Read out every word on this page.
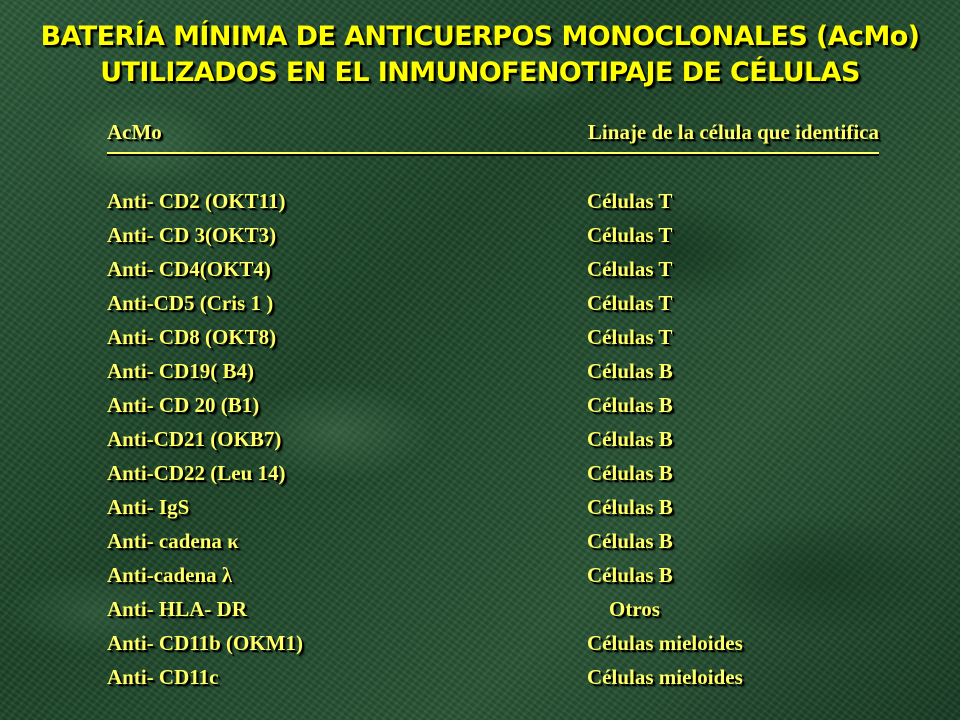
BATERÍA MÍNIMA DE ANTICUERPOS MONOCLONALES (AcMo)
UTILIZADOS EN EL INMUNOFENOTIPAJE DE CÉLULAS
AcMo	Linaje de la célula que identifica
Anti- CD2 (OKT11)	Células T
Anti- CD 3(OKT3)	Células T
Anti- CD4(OKT4)	Células T
Anti-CD5 (Cris 1 )	Células T
Anti- CD8 (OKT8)	Células T
Anti- CD19( B4)	Células B
Anti- CD 20 (B1)	Células B
Anti-CD21 (OKB7)	Células B
Anti-CD22 (Leu 14)	Células B
Anti- IgS	Células B
Anti- cadena κ	Células B
Anti-cadena λ	Células B
Anti- HLA- DR	Otros
Anti- CD11b (OKM1)	Células mieloides
Anti- CD11c	Células mieloides
